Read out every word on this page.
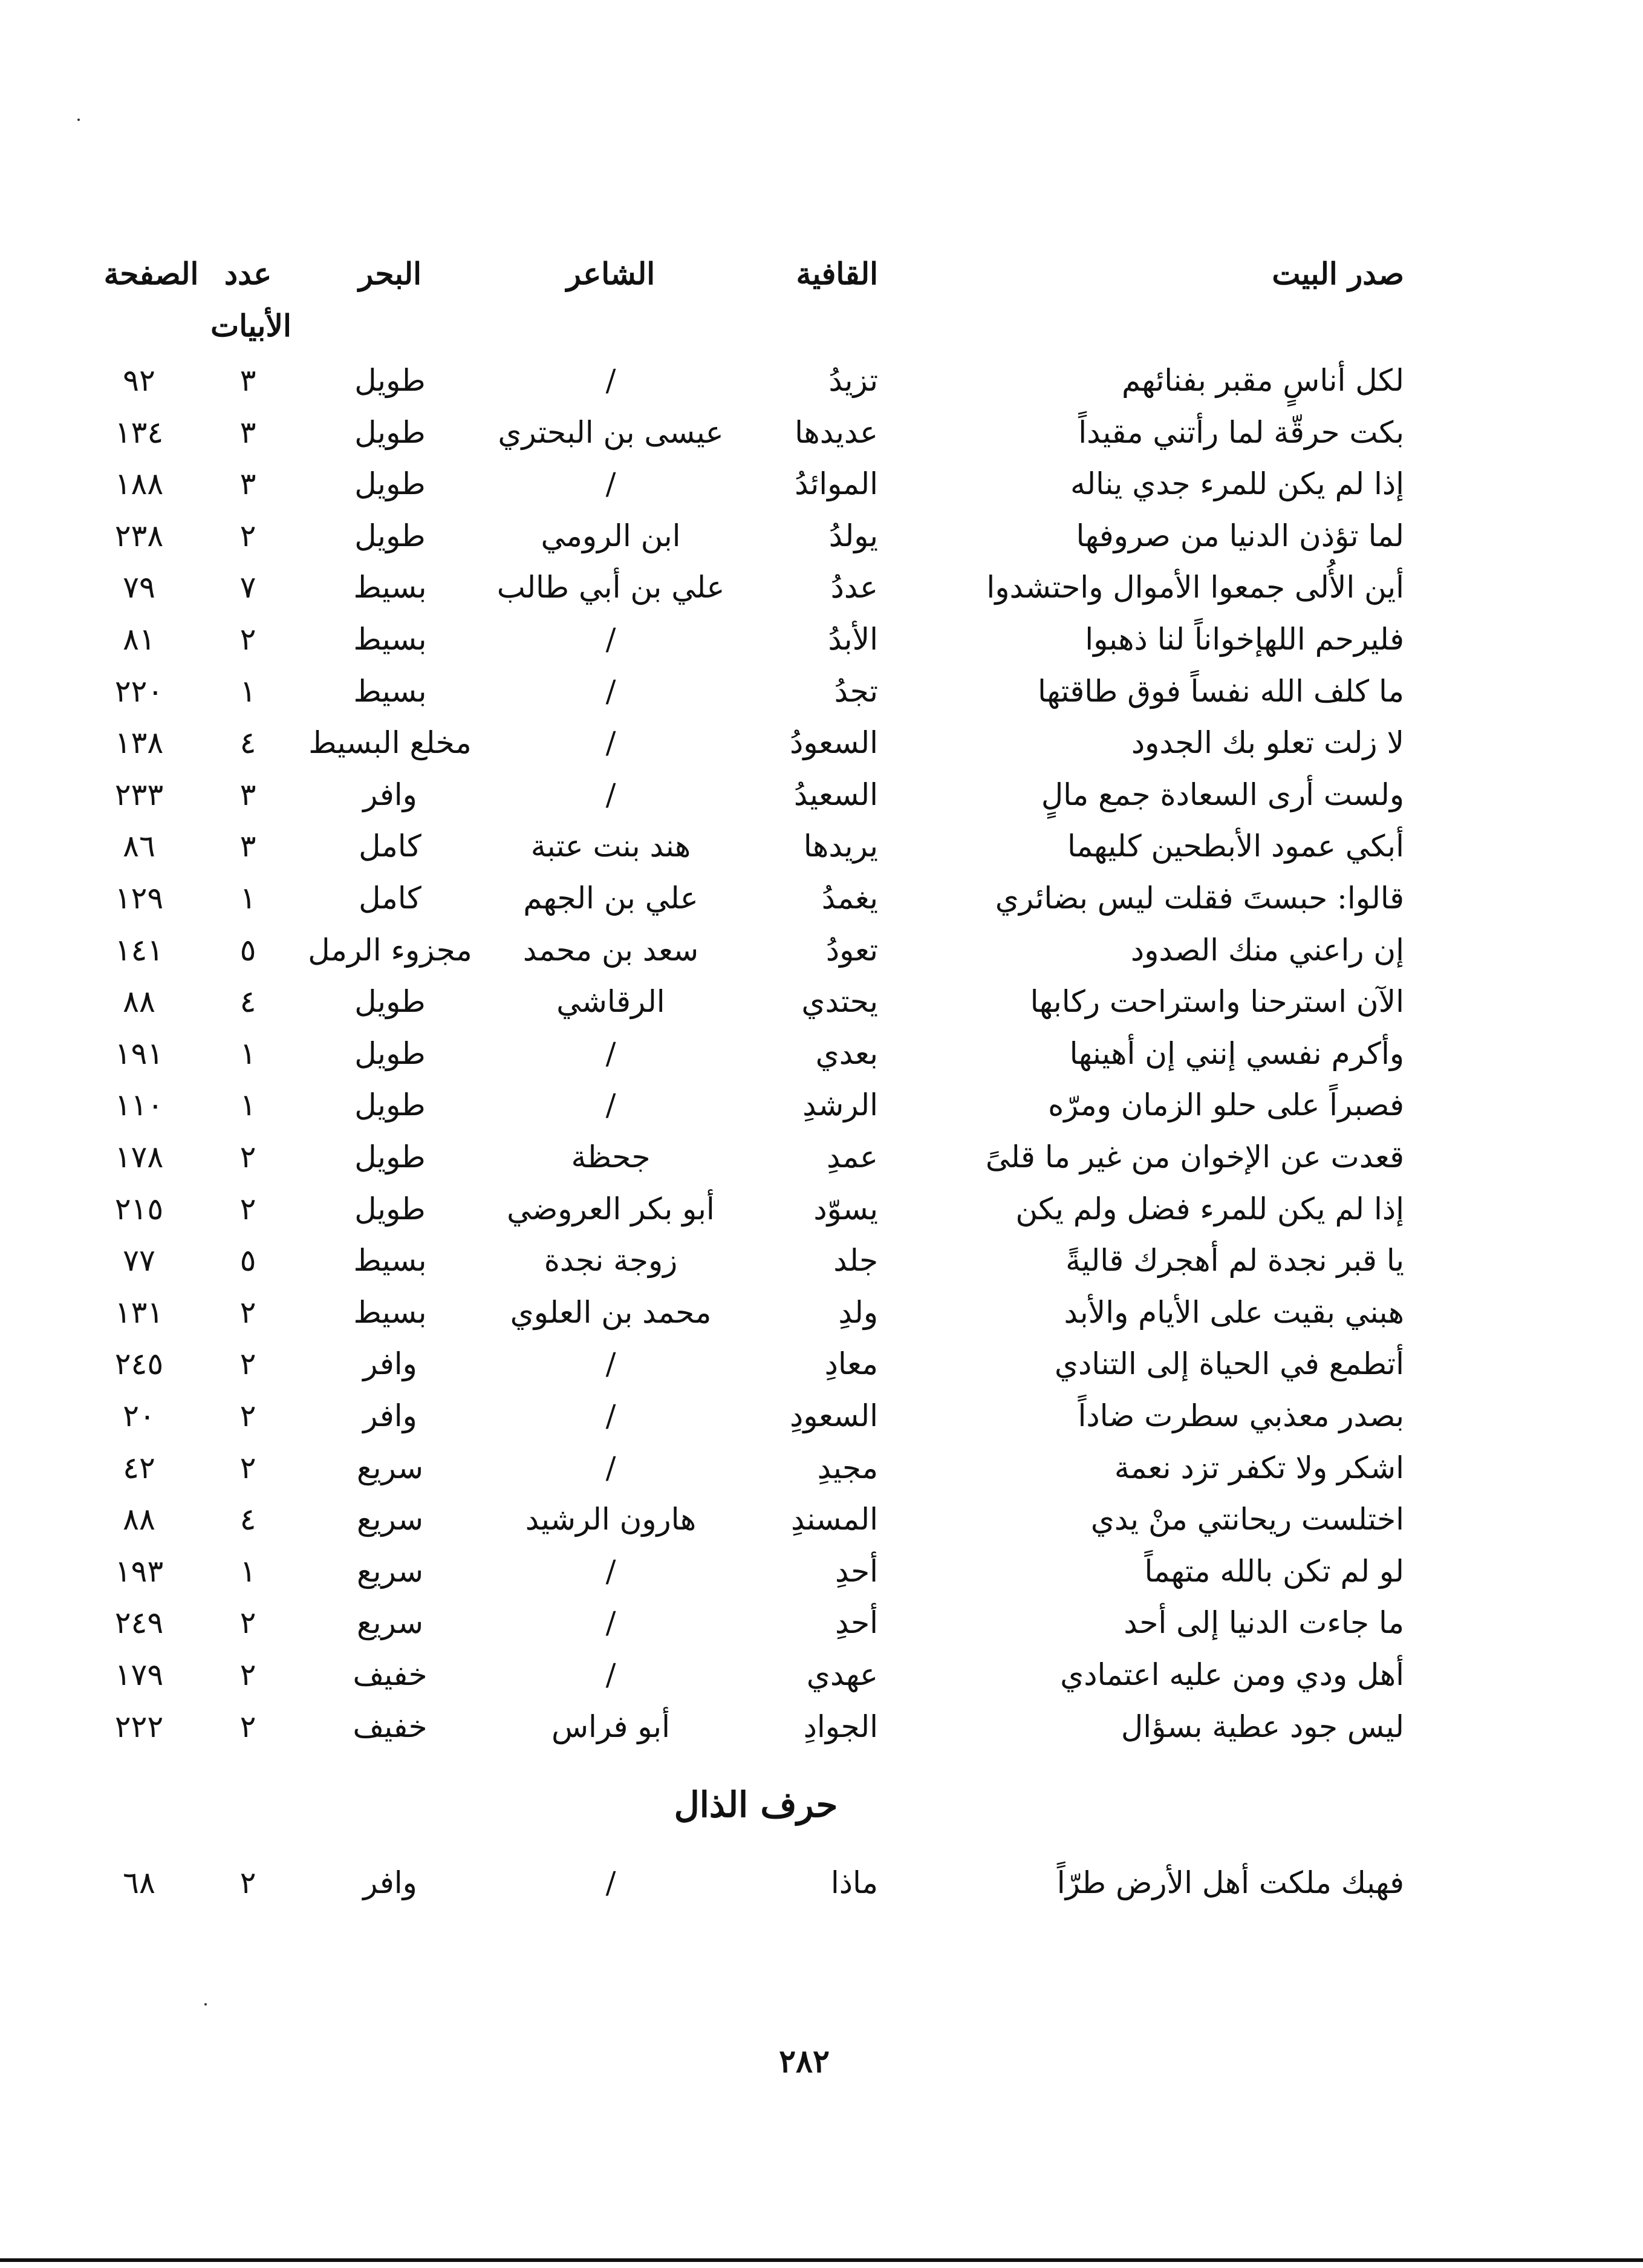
صدر البيت
القافية
الشاعر
البحر
عدد
الصفحة
الأبيات
لكل أناسٍ مقبر بفنائهم
تزيدُ
/
طويل
٣
٩٢
بكت حرقّة لما رأتني مقيداً
عديدها
عيسى بن البحتري
طويل
٣
١٣٤
إذا لم يكن للمرء جدي يناله
الموائدُ
/
طويل
٣
١٨٨
لما تؤذن الدنيا من صروفها
يولدُ
ابن الرومي
طويل
٢
٢٣٨
أين الأُلى جمعوا الأموال واحتشدوا
عددُ
علي بن أبي طالب
بسيط
٧
٧٩
فليرحم اللهإخواناً لنا ذهبوا
الأبدُ
/
بسيط
٢
٨١
ما كلف الله نفساً فوق طاقتها
تجدُ
/
بسيط
١
٢٢٠
لا زلت تعلو بك الجدود
السعودُ
/
مخلع البسيط
٤
١٣٨
ولست أرى السعادة جمع مالٍ
السعيدُ
/
وافر
٣
٢٣٣
أبكي عمود الأبطحين كليهما
يريدها
هند بنت عتبة
كامل
٣
٨٦
قالوا: حبستَ فقلت ليس بضائري
يغمدُ
علي بن الجهم
كامل
١
١٢٩
إن راعني منك الصدود
تعودُ
سعد بن محمد
مجزوء الرمل
٥
١٤١
الآن استرحنا واستراحت ركابها
يحتدي
الرقاشي
طويل
٤
٨٨
وأكرم نفسي إنني إن أهينها
بعدي
/
طويل
١
١٩١
فصبراً على حلو الزمان ومرّه
الرشدِ
/
طويل
١
١١٠
قعدت عن الإخوان من غير ما قلىً
عمدِ
جحظة
طويل
٢
١٧٨
إذا لم يكن للمرء فضل ولم يكن
يسوّد
أبو بكر العروضي
طويل
٢
٢١٥
يا قبر نجدة لم أهجرك قاليةً
جلد
زوجة نجدة
بسيط
٥
٧٧
هبني بقيت على الأيام والأبد
ولدِ
محمد بن العلوي
بسيط
٢
١٣١
أتطمع في الحياة إلى التنادي
معادِ
/
وافر
٢
٢٤٥
بصدر معذبي سطرت ضاداً
السعودِ
/
وافر
٢
٢٠
اشكر ولا تكفر تزد نعمة
مجيدِ
/
سريع
٢
٤٢
اختلست ريحانتي منْ يدي
المسندِ
هارون الرشيد
سريع
٤
٨٨
لو لم تكن بالله متهماً
أحدِ
/
سريع
١
١٩٣
ما جاءت الدنيا إلى أحد
أحدِ
/
سريع
٢
٢٤٩
أهل ودي ومن عليه اعتمادي
عهدي
/
خفيف
٢
١٧٩
ليس جود عطية بسؤال
الجوادِ
أبو فراس
خفيف
٢
٢٢٢
حرف الذال
فهبك ملكت أهل الأرض طرّاً
ماذا
/
وافر
٢
٦٨
٢٨٢
